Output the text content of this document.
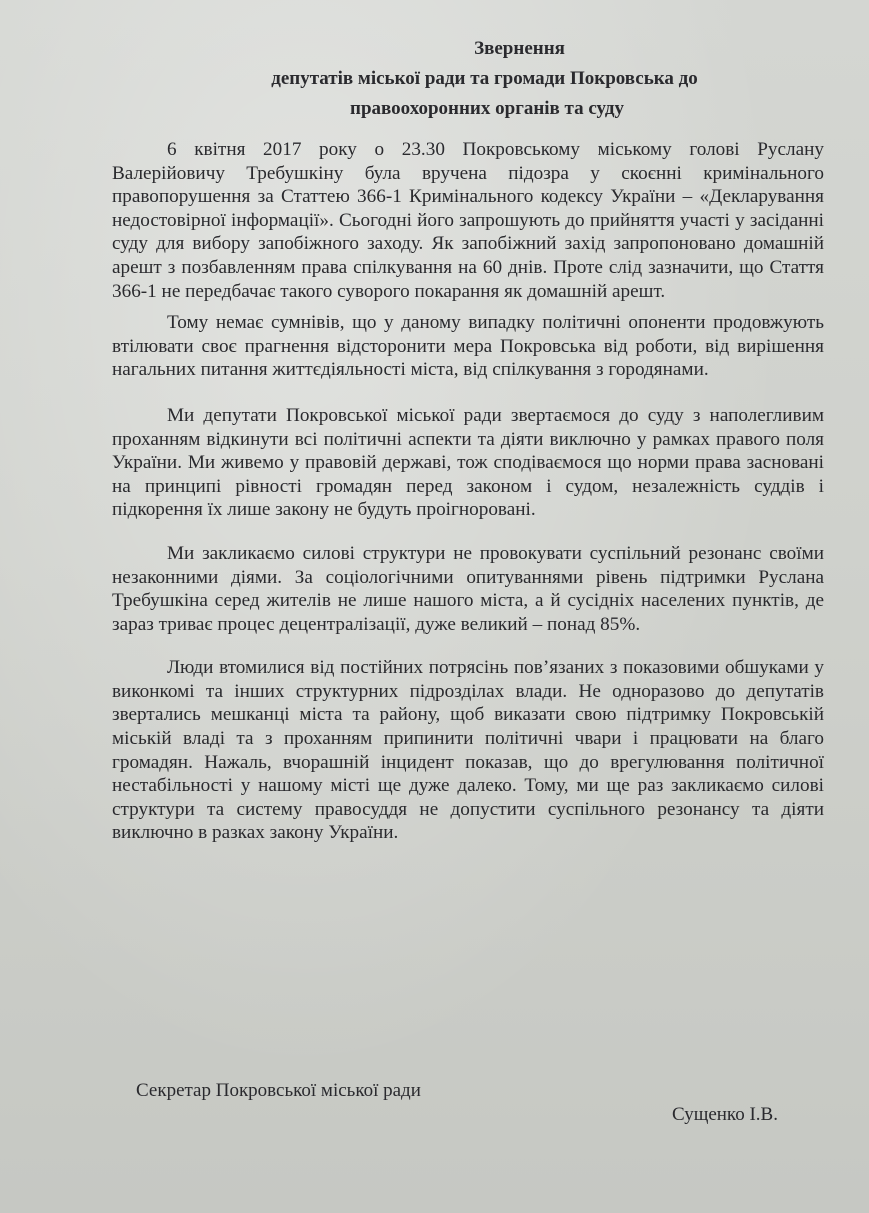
Звернення
депутатів міської ради та громади Покровська до
правоохоронних органів та суду

6 квітня 2017 року о 23.30 Покровському міському голові Руслану Валерійовичу Требушкіну була вручена підозра у скоєнні кримінального правопорушення за Статтею 366-1 Кримінального кодексу України – «Декларування недостовірної інформації». Сьогодні його запрошують до прийняття участі у засіданні суду для вибору запобіжного заходу. Як запобіжний захід запропоновано домашній арешт з позбавленням права спілкування на 60 днів. Проте слід зазначити, що Стаття 366-1 не передбачає такого суворого покарання як домашній арешт.

Тому немає сумнівів, що у даному випадку політичні опоненти продовжують втілювати своє прагнення відсторонити мера Покровська від роботи, від вирішення нагальних питання життєдіяльності міста, від спілкування з городянами.

Ми депутати Покровської міської ради звертаємося до суду з наполегливим проханням відкинути всі політичні аспекти та діяти виключно у рамках правого поля України. Ми живемо у правовій державі, тож сподіваємося що норми права засновані на принципі рівності громадян перед законом і судом, незалежність суддів і підкорення їх лише закону не будуть проігноровані.

Ми закликаємо силові структури не провокувати суспільний резонанс своїми незаконними діями. За соціологічними опитуваннями рівень підтримки Руслана Требушкіна серед жителів не лише нашого міста, а й сусідніх населених пунктів, де зараз триває процес децентралізації, дуже великий – понад 85%.

Люди втомилися від постійних потрясінь пов’язаних з показовими обшуками у виконкомі та інших структурних підрозділах влади. Не одноразово до депутатів звертались мешканці міста та району, щоб виказати свою підтримку Покровській міській владі та з проханням припинити політичні чвари і працювати на благо громадян. Нажаль, вчорашній інцидент показав, що до врегулювання політичної нестабільності у нашому місті ще дуже далеко. Тому, ми ще раз закликаємо силові структури та систему правосуддя не допустити суспільного резонансу та діяти виключно в разках закону України.

Секретар Покровської міської ради
Сущенко І.В.
